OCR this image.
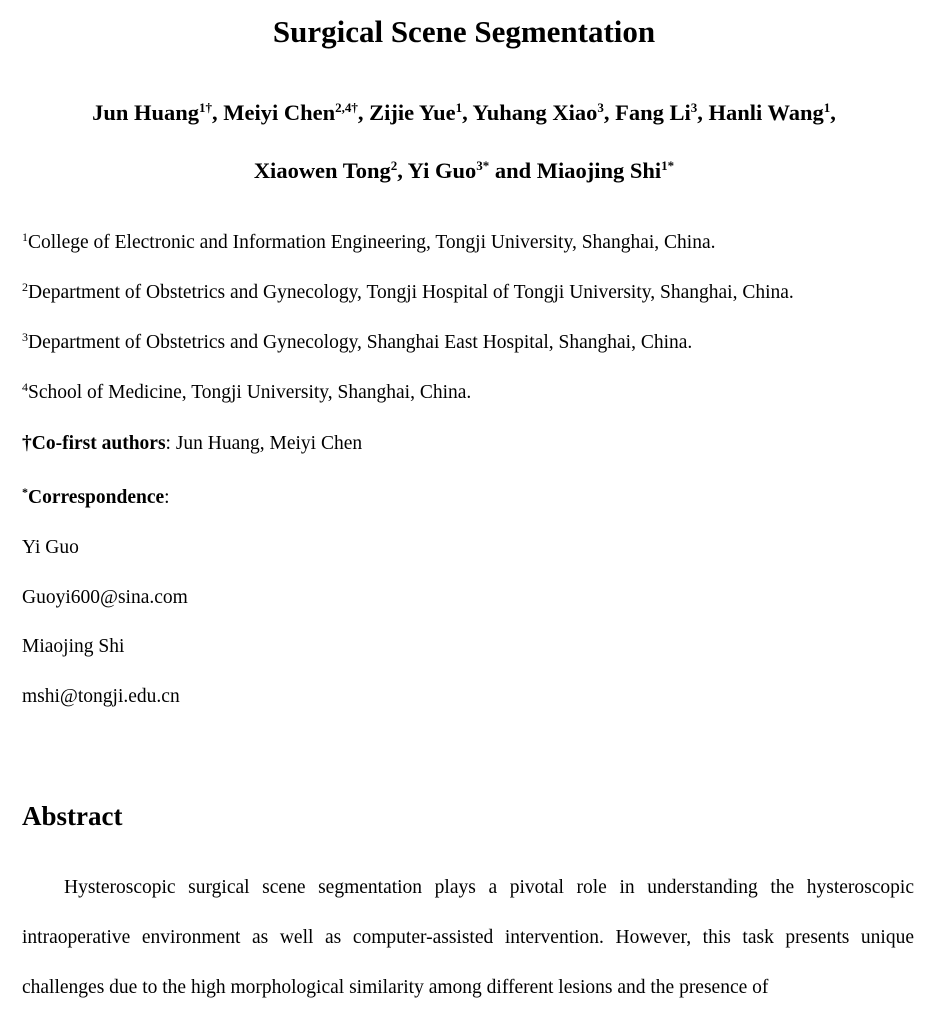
Surgical Scene Segmentation
Jun Huang$^{1\dagger}$, Meiyi Chen$^{2,4\dagger}$, Zijie Yue$^1$, Yuhang Xiao$^3$, Fang Li$^3$, Hanli Wang$^1$,
Xiaowen Tong$^2$, Yi Guo$^{3*}$ and Miaojing Shi$^{1*}$
$^1$College of Electronic and Information Engineering, Tongji University, Shanghai, China.
$^2$Department of Obstetrics and Gynecology, Tongji Hospital of Tongji University, Shanghai, China.
$^3$Department of Obstetrics and Gynecology, Shanghai East Hospital, Shanghai, China.
$^4$School of Medicine, Tongji University, Shanghai, China.
†Co-first authors: Jun Huang, Meiyi Chen
*Correspondence:
Yi Guo
Guoyi600@sina.com
Miaojing Shi
mshi@tongji.edu.cn
Abstract

Hysteroscopic surgical scene segmentation plays a pivotal role in understanding the hysteroscopic intraoperative environment as well as computer-assisted intervention. However, this task presents unique challenges due to the high morphological similarity among different lesions and the presence of
